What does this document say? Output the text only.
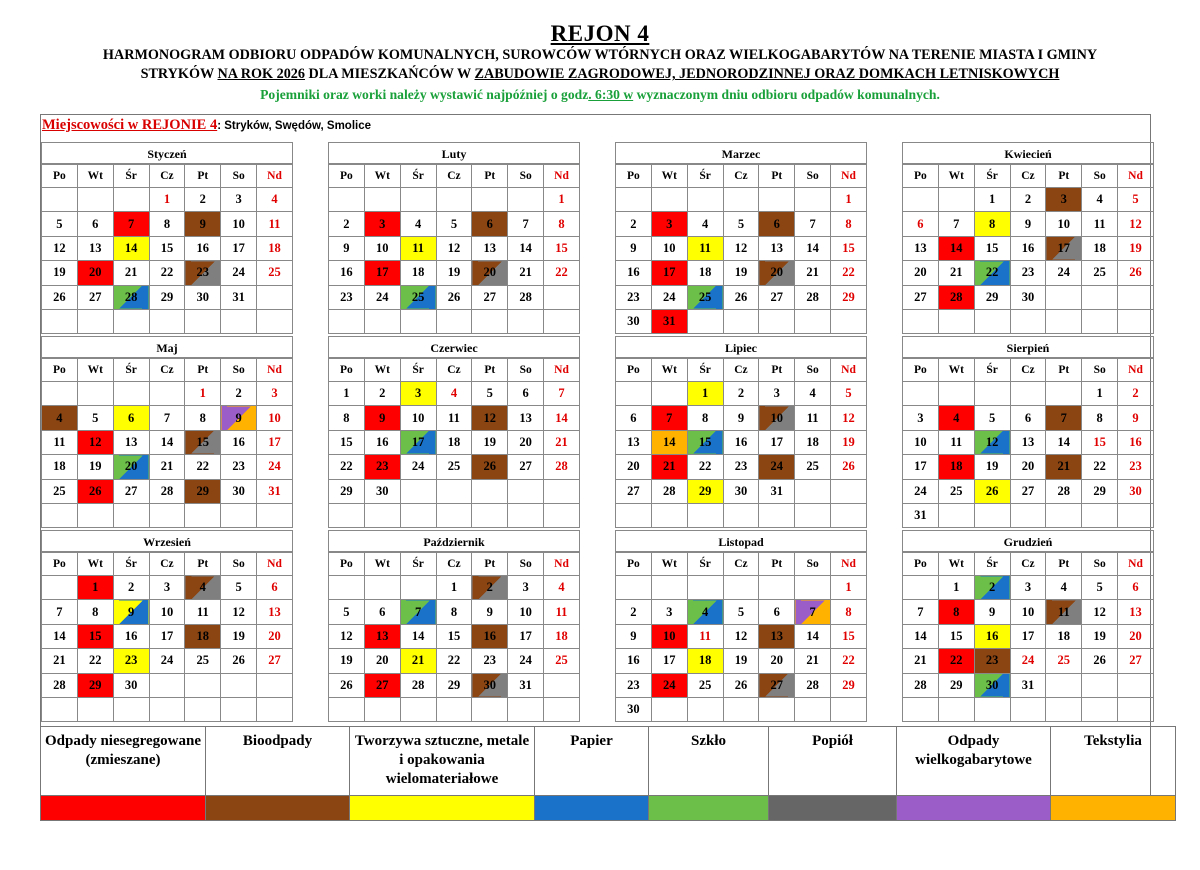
REJON 4
HARMONOGRAM ODBIORU ODPADÓW KOMUNALNYCH, SUROWCÓW WTÓRNYCH ORAZ WIELKOGABARYTÓW NA TERENIE MIASTA I GMINY
STRYKÓW NA ROK 2026 DLA MIESZKAŃCÓW W ZABUDOWIE ZAGRODOWEJ, JEDNORODZINNEJ ORAZ DOMKACH LETNISKOWYCH
Pojemniki oraz worki należy wystawić najpóźniej o godz. 6:30 w wyznaczonym dniu odbioru odpadów komunalnych.
Miejscowości w REJONIE 4: Stryków, Swędów, Smolice
Styczeń
Po	Wt	Śr	Cz	Pt	So	Nd
			1	2	3	4
5	6	7	8	9	10	11
12	13	14	15	16	17	18
19	20	21	22	23	24	25
26	27	28	29	30	31	

Luty
Po	Wt	Śr	Cz	Pt	So	Nd
						1
2	3	4	5	6	7	8
9	10	11	12	13	14	15
16	17	18	19	20	21	22
23	24	25	26	27	28	

Marzec
Po	Wt	Śr	Cz	Pt	So	Nd
						1
2	3	4	5	6	7	8
9	10	11	12	13	14	15
16	17	18	19	20	21	22
23	24	25	26	27	28	29
30	31					
Kwiecień
Po	Wt	Śr	Cz	Pt	So	Nd
		1	2	3	4	5
6	7	8	9	10	11	12
13	14	15	16	17	18	19
20	21	22	23	24	25	26
27	28	29	30			

Maj
Po	Wt	Śr	Cz	Pt	So	Nd
				1	2	3
4	5	6	7	8	9	10
11	12	13	14	15	16	17
18	19	20	21	22	23	24
25	26	27	28	29	30	31

Czerwiec
Po	Wt	Śr	Cz	Pt	So	Nd
1	2	3	4	5	6	7
8	9	10	11	12	13	14
15	16	17	18	19	20	21
22	23	24	25	26	27	28
29	30					

Lipiec
Po	Wt	Śr	Cz	Pt	So	Nd
		1	2	3	4	5
6	7	8	9	10	11	12
13	14	15	16	17	18	19
20	21	22	23	24	25	26
27	28	29	30	31		

Sierpień
Po	Wt	Śr	Cz	Pt	So	Nd
					1	2
3	4	5	6	7	8	9
10	11	12	13	14	15	16
17	18	19	20	21	22	23
24	25	26	27	28	29	30
31						
Wrzesień
Po	Wt	Śr	Cz	Pt	So	Nd
	1	2	3	4	5	6
7	8	9	10	11	12	13
14	15	16	17	18	19	20
21	22	23	24	25	26	27
28	29	30				

Październik
Po	Wt	Śr	Cz	Pt	So	Nd
			1	2	3	4
5	6	7	8	9	10	11
12	13	14	15	16	17	18
19	20	21	22	23	24	25
26	27	28	29	30	31	

Listopad
Po	Wt	Śr	Cz	Pt	So	Nd
						1
2	3	4	5	6	7	8
9	10	11	12	13	14	15
16	17	18	19	20	21	22
23	24	25	26	27	28	29
30						
Grudzień
Po	Wt	Śr	Cz	Pt	So	Nd
	1	2	3	4	5	6
7	8	9	10	11	12	13
14	15	16	17	18	19	20
21	22	23	24	25	26	27
28	29	30	31			

Odpady niesegregowane (zmieszane)	Bioodpady	Tworzywa sztuczne, metale i opakowania wielomateriałowe	Papier	Szkło	Popiół	Odpady wielkogabarytowe	Tekstylia
